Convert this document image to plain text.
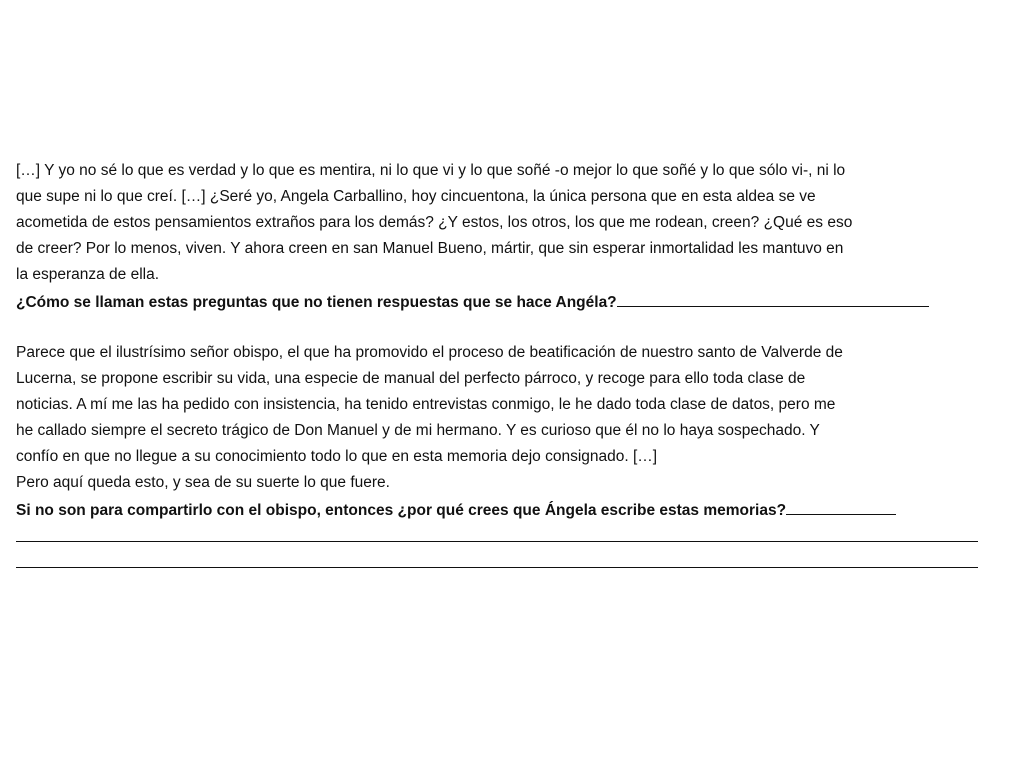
[…] Y yo no sé lo que es verdad y lo que es mentira, ni lo que vi y lo que soñé -o mejor lo que soñé y lo que sólo vi-, ni lo
que supe ni lo que creí. […] ¿Seré yo, Angela Carballino, hoy cincuentona, la única persona que en esta aldea se ve
acometida de estos pensamientos extraños para los demás? ¿Y estos, los otros, los que me rodean, creen? ¿Qué es eso
de creer? Por lo menos, viven. Y ahora creen en san Manuel Bueno, mártir, que sin esperar inmortalidad les mantuvo en
la esperanza de ella.
¿Cómo se llaman estas preguntas que no tienen respuestas que se hace Angéla?
Parece que el ilustrísimo señor obispo, el que ha promovido el proceso de beatificación de nuestro santo de Valverde de
Lucerna, se propone escribir su vida, una especie de manual del perfecto párroco, y recoge para ello toda clase de
noticias. A mí me las ha pedido con insistencia, ha tenido entrevistas conmigo, le he dado toda clase de datos, pero me
he callado siempre el secreto trágico de Don Manuel y de mi hermano. Y es curioso que él no lo haya sospechado. Y
confío en que no llegue a su conocimiento todo lo que en esta memoria dejo consignado. […]
Pero aquí queda esto, y sea de su suerte lo que fuere.
Si no son para compartirlo con el obispo, entonces ¿por qué crees que Ángela escribe estas memorias?
